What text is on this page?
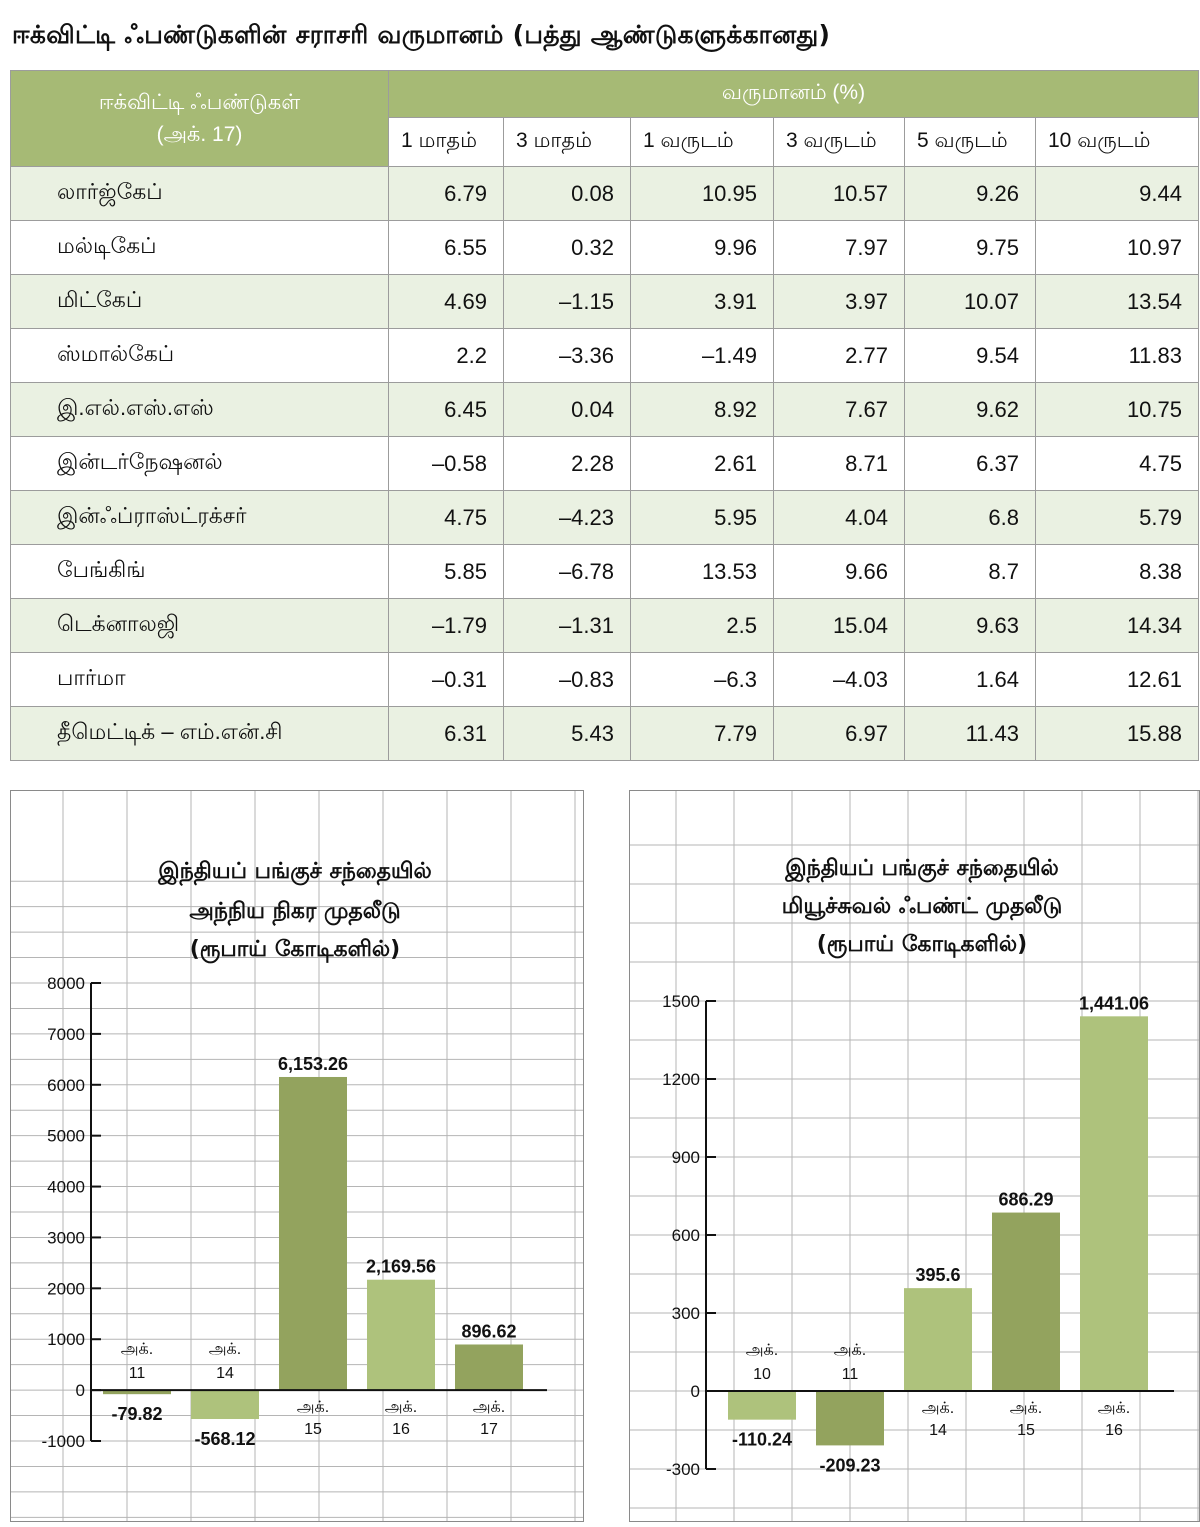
ஈக்விட்டி ஃபண்டுகளின் சராசரி வருமானம் (பத்து ஆண்டுகளுக்கானது)
ஈக்விட்டி ஃபண்டுகள்
(அக். 17)	வருமானம் (%)					
	1 மாதம்	3 மாதம்	1 வருடம்	3 வருடம்	5 வருடம்	10 வருடம்
லார்ஜ்கேப்	6.79	0.08	10.95	10.57	9.26	9.44
மல்டிகேப்	6.55	0.32	9.96	7.97	9.75	10.97
மிட்கேப்	4.69	–1.15	3.91	3.97	10.07	13.54
ஸ்மால்கேப்	2.2	–3.36	–1.49	2.77	9.54	11.83
இ.எல்.எஸ்.எஸ்	6.45	0.04	8.92	7.67	9.62	10.75
இன்டர்நேஷனல்	–0.58	2.28	2.61	8.71	6.37	4.75
இன்ஃப்ராஸ்ட்ரக்சர்	4.75	–4.23	5.95	4.04	6.8	5.79
பேங்கிங்	5.85	–6.78	13.53	9.66	8.7	8.38
டெக்னாலஜி	–1.79	–1.31	2.5	15.04	9.63	14.34
பார்மா	–0.31	–0.83	–6.3	–4.03	1.64	12.61
தீமெட்டிக் – எம்.என்.சி	6.31	5.43	7.79	6.97	11.43	15.88
இந்தியப் பங்குச் சந்தையில்
அந்நிய நிகர முதலீடு
(ரூபாய் கோடிகளில்)
-79.82
அக்.
11
-568.12
அக்.
14
6,153.26
அக்.
15
2,169.56
அக்.
16
896.62
அக்.
17
-1000
0
1000
2000
3000
4000
5000
6000
7000
8000
இந்தியப் பங்குச் சந்தையில்
மியூச்சுவல் ஃபண்ட் முதலீடு
(ரூபாய் கோடிகளில்)
-110.24
அக்.
10
-209.23
அக்.
11
395.6
அக்.
14
686.29
அக்.
15
1,441.06
அக்.
16
-300
0
300
600
900
1200
1500
